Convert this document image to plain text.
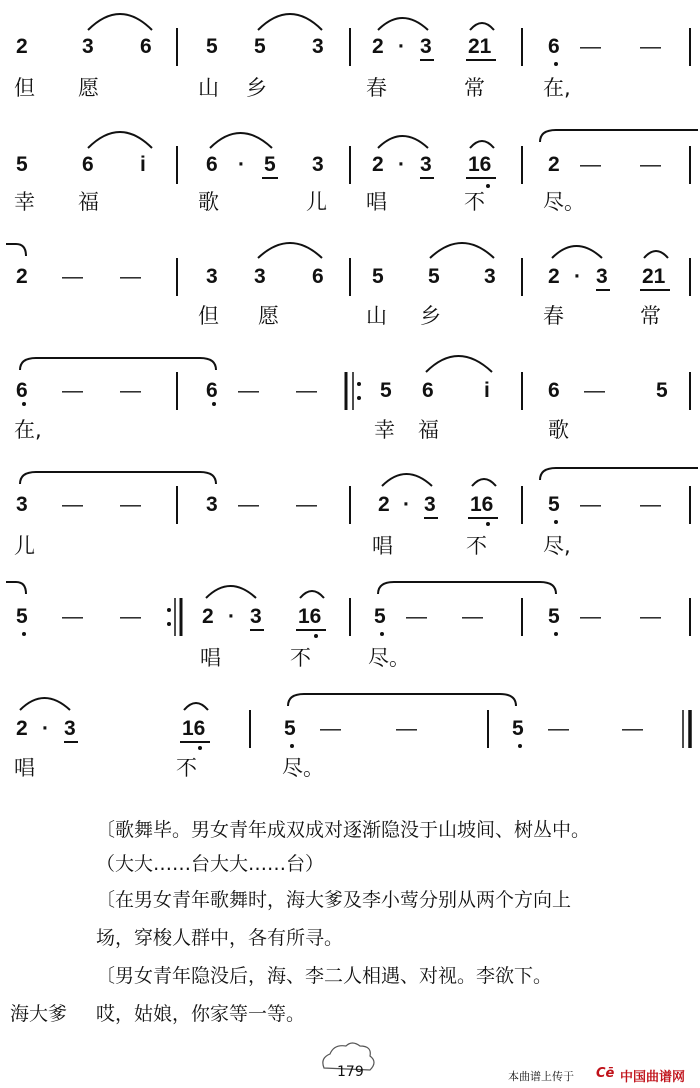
2	3 6	5 5 3 2 · 3 21	6 — —
但 愿	山 乡	春	常	在,
5	6 i	6 · 5 3 2 · 3 16	2 — —
幸 福	歌	儿 唱	不	尽。
2 — —	3 3 6 5 5 3 2 · 3 21
但 愿	山 乡	春	常
6 — —	6 — —	5 6 i	6 — 5
在,	幸 福	歌
3 — —	3 — —	2 · 3 16	5 — —
儿	唱	不	尽,
5 — —	2 · 3 16	5 — —	5 — —
唱	不	尽。
2 · 3	16	5 —	—	5 —	—
唱	不	尽。
〔歌舞毕。男女青年成双成对逐渐隐没于山坡间、树丛中。
（大大……台大大……台）
〔在男女青年歌舞时，海大爹及李小莺分别从两个方向上
场，穿梭人群中，各有所寻。
〔男女青年隐没后，海、李二人相遇、对视。李欲下。
海大爹 哎，姑娘，你家等一等。
179	本曲谱上传于 Cē 中国曲谱网
